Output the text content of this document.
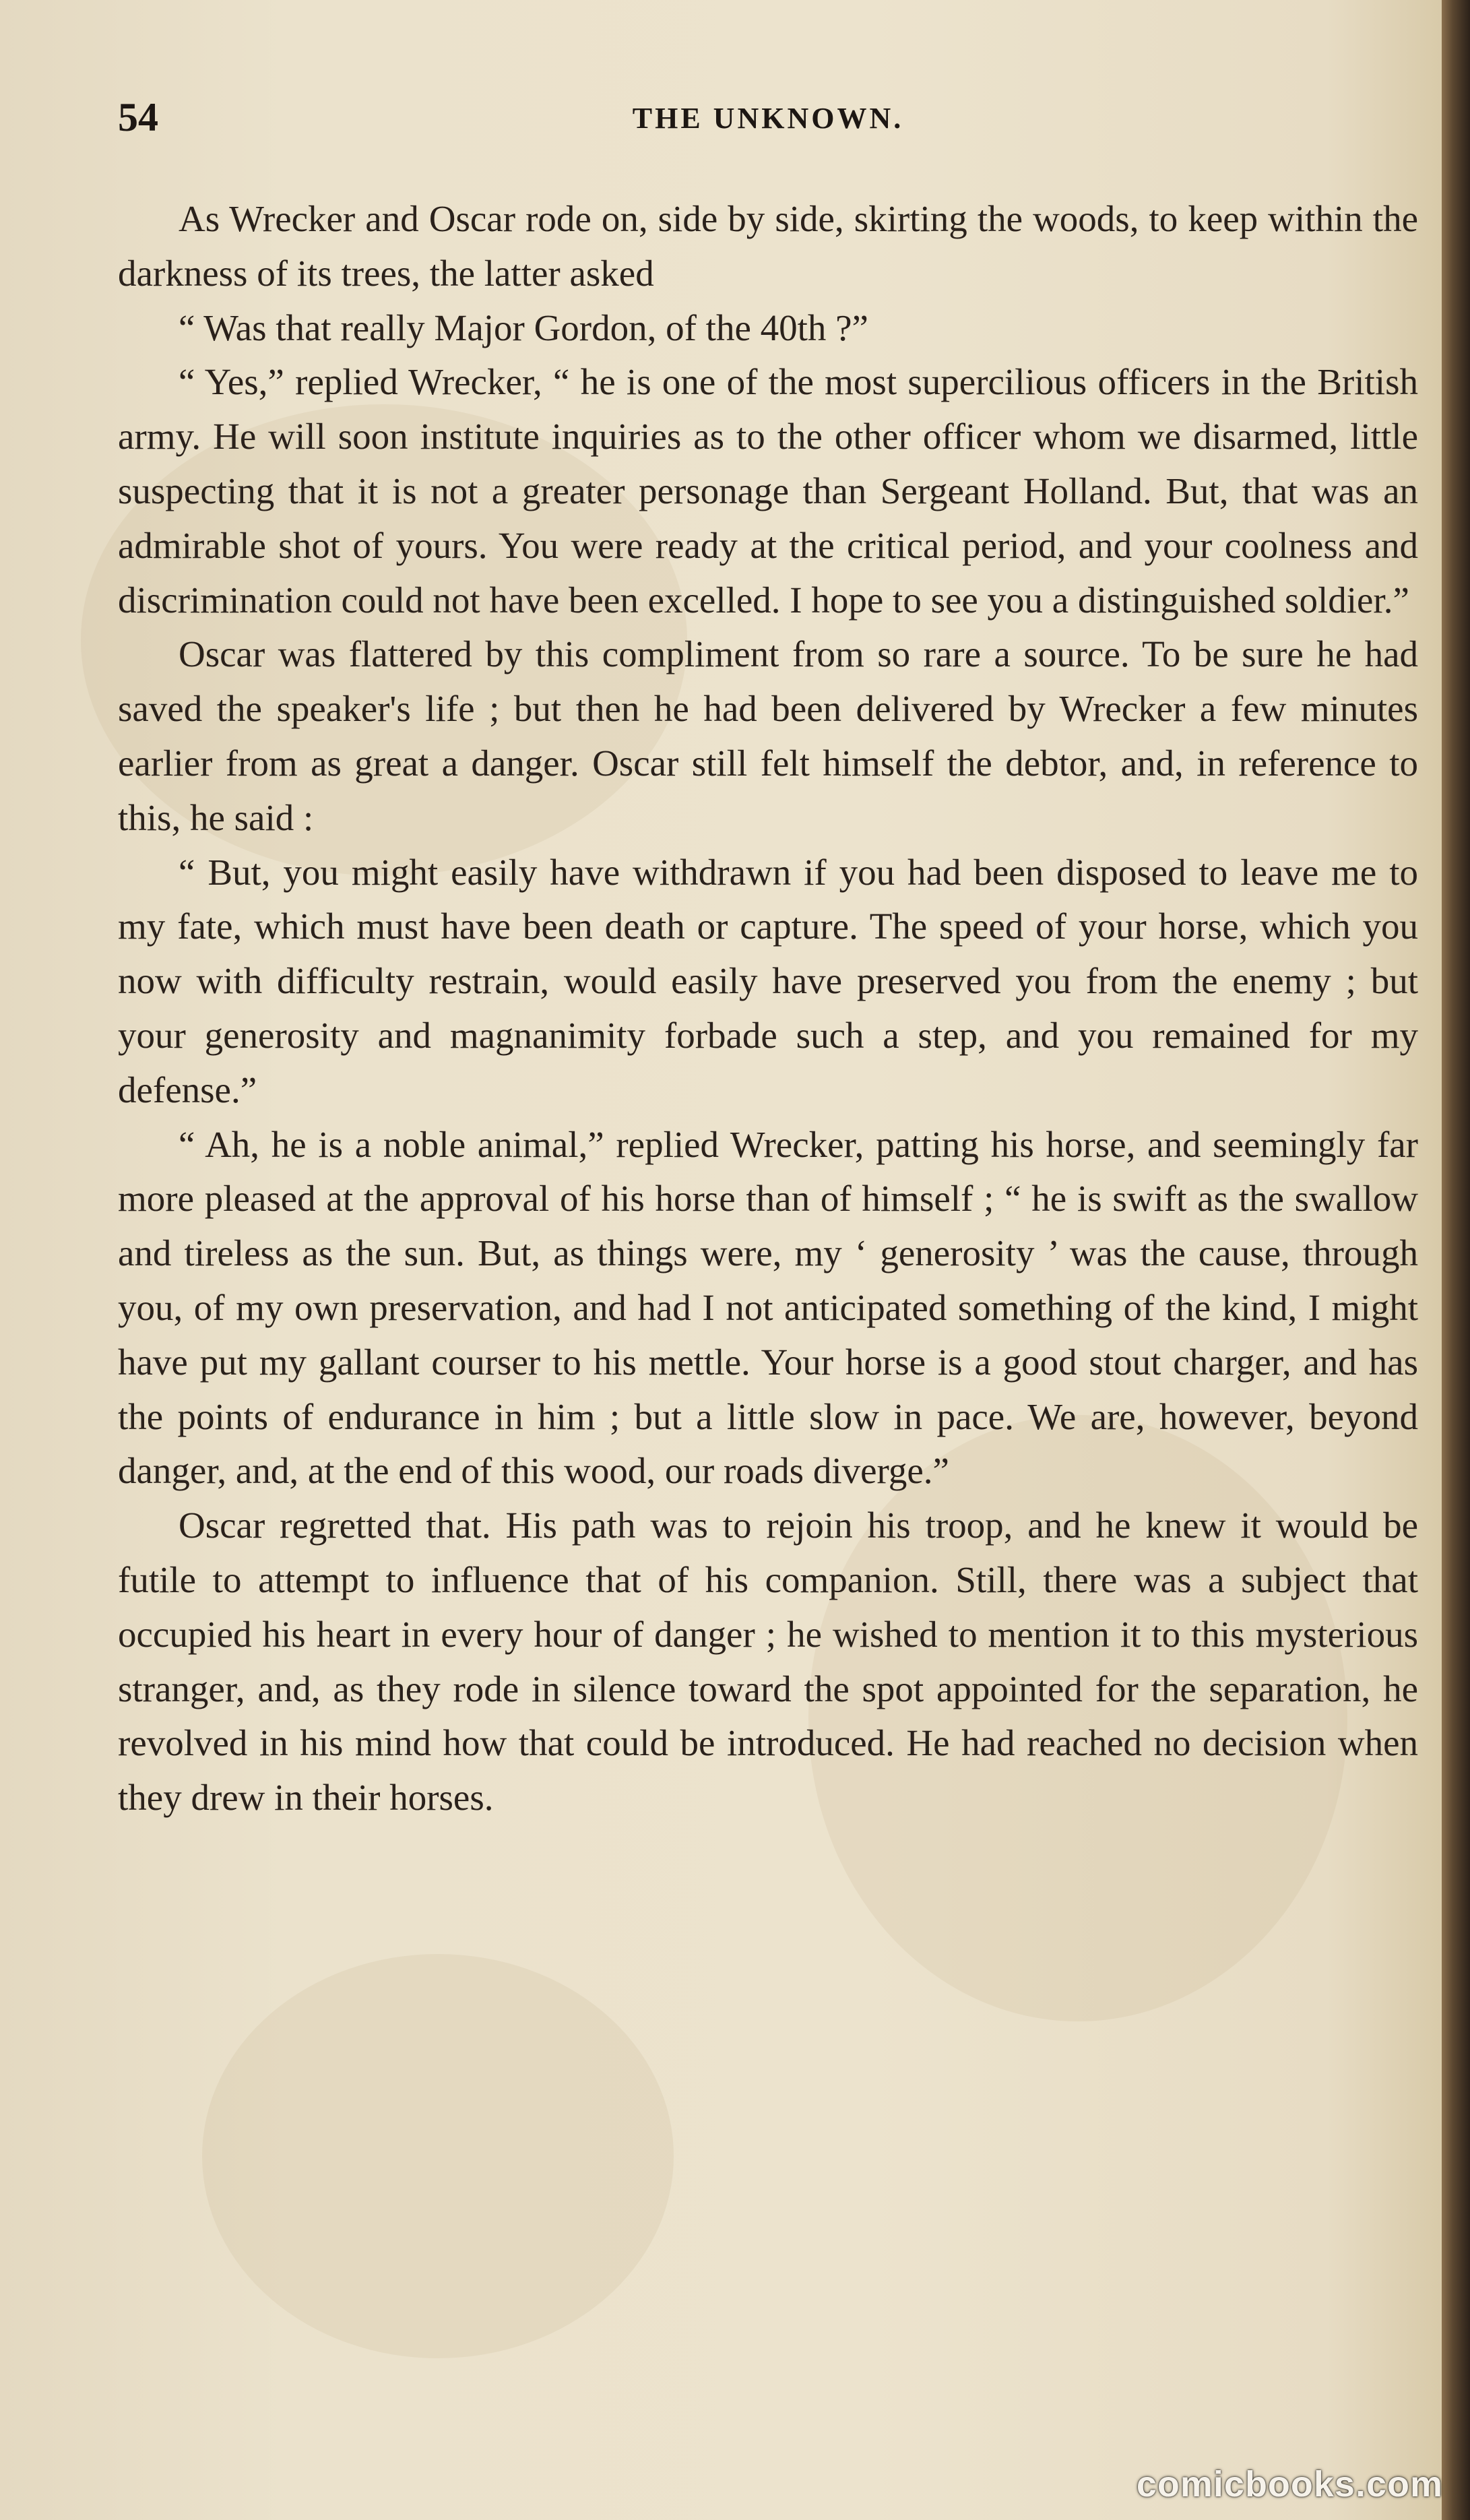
54	THE UNKNOWN.

As Wrecker and Oscar rode on, side by side, skirting the woods, to keep within the darkness of its trees, the latter asked

“ Was that really Major Gordon, of the 40th ?”

“ Yes,” replied Wrecker, “ he is one of the most supercilious officers in the British army. He will soon institute inquiries as to the other officer whom we disarmed, little suspecting that it is not a greater personage than Sergeant Holland. But, that was an admirable shot of yours. You were ready at the critical period, and your coolness and discrimination could not have been excelled. I hope to see you a distinguished soldier.”

Oscar was flattered by this compliment from so rare a source. To be sure he had saved the speaker's life ; but then he had been delivered by Wrecker a few minutes earlier from as great a danger. Oscar still felt himself the debtor, and, in reference to this, he said :

“ But, you might easily have withdrawn if you had been disposed to leave me to my fate, which must have been death or capture. The speed of your horse, which you now with difficulty restrain, would easily have preserved you from the enemy ; but your generosity and magnanimity forbade such a step, and you remained for my defense.”

“ Ah, he is a noble animal,” replied Wrecker, patting his horse, and seemingly far more pleased at the approval of his horse than of himself ; “ he is swift as the swallow and tireless as the sun. But, as things were, my ‘ generosity ’ was the cause, through you, of my own preservation, and had I not anticipated something of the kind, I might have put my gallant courser to his mettle. Your horse is a good stout charger, and has the points of endurance in him ; but a little slow in pace. We are, however, beyond danger, and, at the end of this wood, our roads diverge.”

Oscar regretted that. His path was to rejoin his troop, and he knew it would be futile to attempt to influence that of his companion. Still, there was a subject that occupied his heart in every hour of danger ; he wished to mention it to this mysterious stranger, and, as they rode in silence toward the spot appointed for the separation, he revolved in his mind how that could be introduced. He had reached no decision when they drew in their horses.

comicbooks.com
